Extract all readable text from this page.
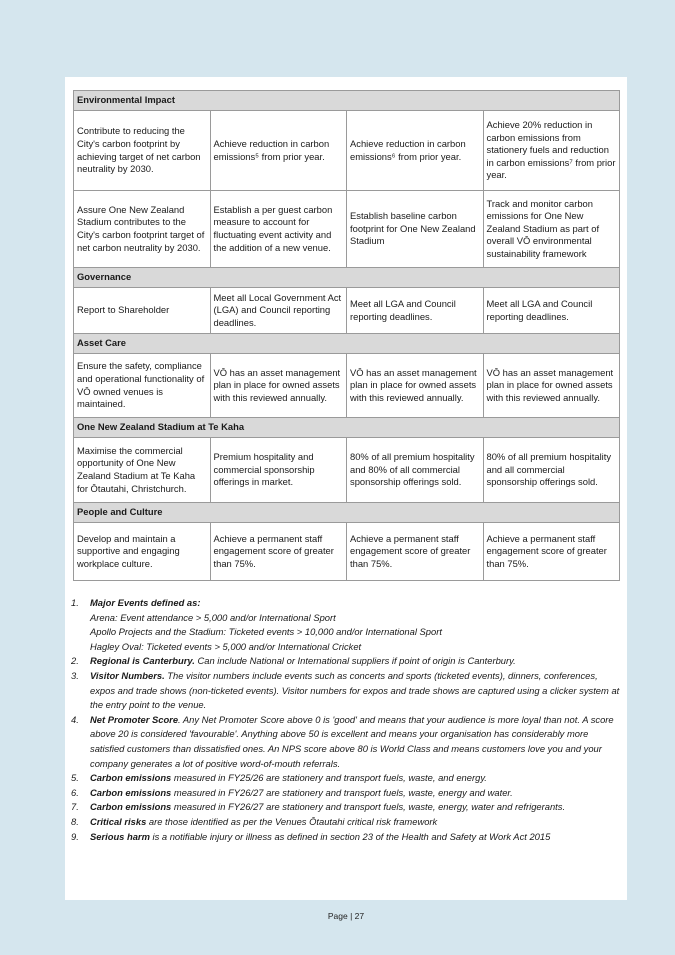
Environmental Impact			
Contribute to reducing the City's carbon footprint by achieving target of net carbon neutrality by 2030.	Achieve reduction in carbon emissions⁵ from prior year.	Achieve reduction in carbon emissions⁶ from prior year.	Achieve 20% reduction in carbon emissions from stationery fuels and reduction in carbon emissions⁷ from prior year.
Assure One New Zealand Stadium contributes to the City's carbon footprint target of net carbon neutrality by 2030.	Establish a per guest carbon measure to account for fluctuating event activity and the addition of a new venue.	Establish baseline carbon footprint for One New Zealand Stadium	Track and monitor carbon emissions for One New Zealand Stadium as part of overall VŌ environmental sustainability framework
Governance			
Report to Shareholder	Meet all Local Government Act (LGA) and Council reporting deadlines.	Meet all LGA and Council reporting deadlines.	Meet all LGA and Council reporting deadlines.
Asset Care			
Ensure the safety, compliance and operational functionality of VŌ owned venues is maintained.	VŌ has an asset management plan in place for owned assets with this reviewed annually.	VŌ has an asset management plan in place for owned assets with this reviewed annually.	VŌ has an asset management plan in place for owned assets with this reviewed annually.
One New Zealand Stadium at Te Kaha			
Maximise the commercial opportunity of One New Zealand Stadium at Te Kaha for Ōtautahi, Christchurch.	Premium hospitality and commercial sponsorship offerings in market.	80% of all premium hospitality and 80% of all commercial sponsorship offerings sold.	80% of all premium hospitality and all commercial sponsorship offerings sold.
People and Culture			
Develop and maintain a supportive and engaging workplace culture.	Achieve a permanent staff engagement score of greater than 75%.	Achieve a permanent staff engagement score of greater than 75%.	Achieve a permanent staff engagement score of greater than 75%.
1.	Major Events defined as:
Arena: Event attendance > 5,000 and/or International Sport
Apollo Projects and the Stadium: Ticketed events > 10,000 and/or International Sport
Hagley Oval: Ticketed events > 5,000 and/or International Cricket
2.	Regional is Canterbury. Can include National or International suppliers if point of origin is Canterbury.
3.	Visitor Numbers. The visitor numbers include events such as concerts and sports (ticketed events), dinners, conferences, expos and trade shows (non-ticketed events). Visitor numbers for expos and trade shows are captured using a clicker system at the entry point to the venue.
4.	Net Promoter Score. Any Net Promoter Score above 0 is 'good' and means that your audience is more loyal than not. A score above 20 is considered 'favourable'. Anything above 50 is excellent and means your organisation has considerably more satisfied customers than dissatisfied ones. An NPS score above 80 is World Class and means customers love you and your company generates a lot of positive word-of-mouth referrals.
5.	Carbon emissions measured in FY25/26 are stationery and transport fuels, waste, and energy.
6.	Carbon emissions measured in FY26/27 are stationery and transport fuels, waste, energy and water.
7.	Carbon emissions measured in FY26/27 are stationery and transport fuels, waste, energy, water and refrigerants.
8.	Critical risks are those identified as per the Venues Ōtautahi critical risk framework
9.	Serious harm is a notifiable injury or illness as defined in section 23 of the Health and Safety at Work Act 2015
Page | 27
